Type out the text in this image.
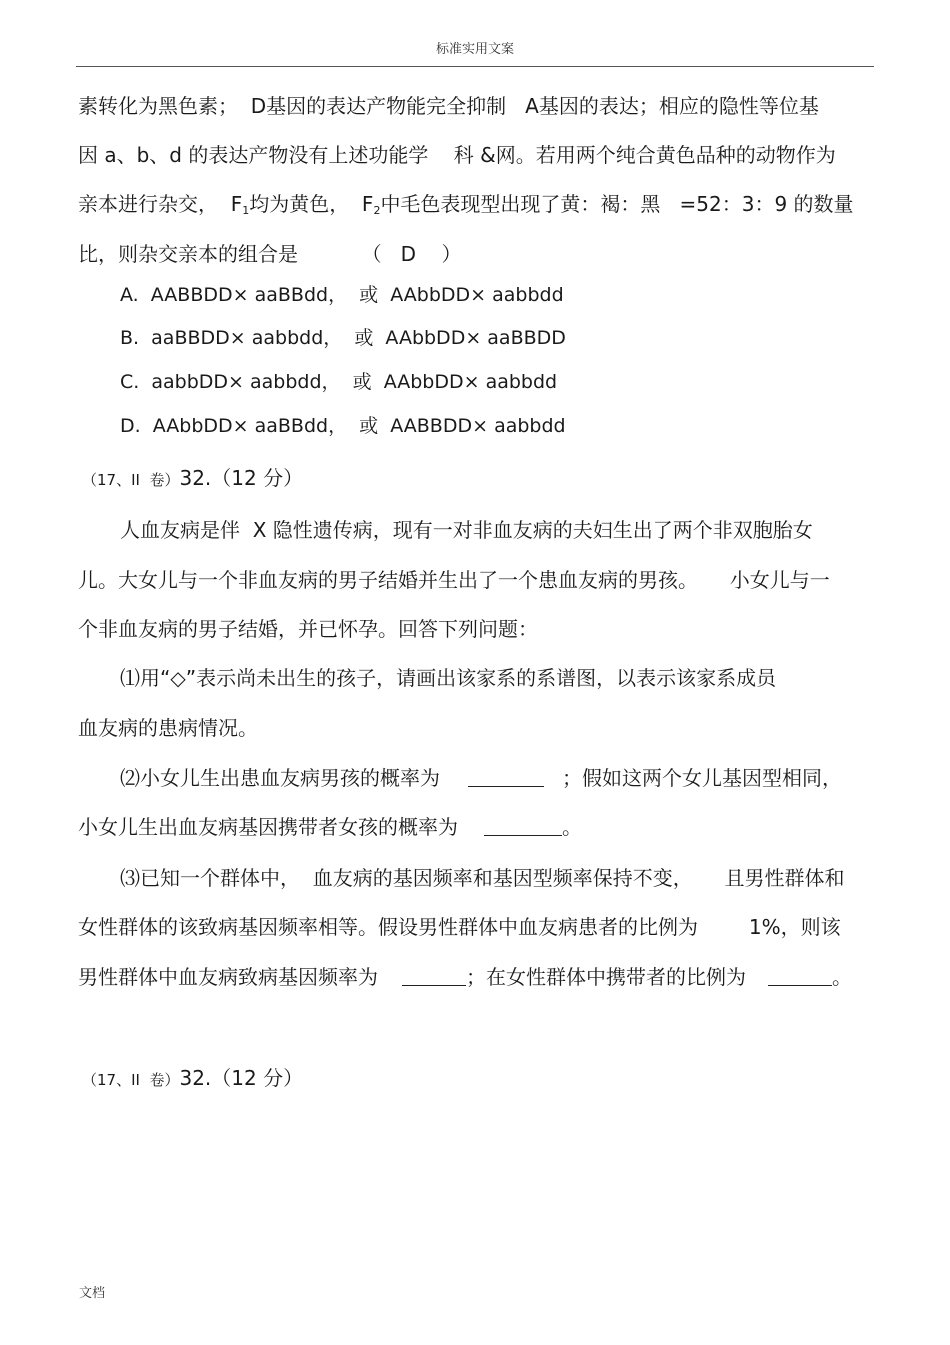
标准实用文案
素转化为黑色素；  D基因的表达产物能完全抑制   A基因的表达；相应的隐性等位基
因 a、b、d 的表达产物没有上述功能学    科 &网。若用两个纯合黄色品种的动物作为
亲本进行杂交，  $F_1$均为黄色，  $F_2$中毛色表现型出现了黄：褐：黑   =52：3：9 的数量
比，则杂交亲本的组合是          （   D    ）
A.  AABBDD× aaBBdd，  或  AAbbDD× aabbdd
B.  aaBBDD× aabbdd，  或  AAbbDD× aaBBDD
C.  aabbDD× aabbdd，  或  AAbbDD× aabbdd
D.  AAbbDD× aaBBdd，  或  AABBDD× aabbdd
（17、II  卷）32.（12 分）
人血友病是伴  X 隐性遗传病，现有一对非血友病的夫妇生出了两个非双胞胎女
儿。大女儿与一个非血友病的男子结婚并生出了一个患血友病的男孩。     小女儿与一
个非血友病的男子结婚，并已怀孕。回答下列问题：
⑴用“◇”表示尚未出生的孩子，请画出该家系的系谱图，以表示该家系成员
血友病的患病情况。
⑵小女儿生出患血友病男孩的概率为	；假如这两个女儿基因型相同，
小女儿生出血友病基因携带者女孩的概率为	。
⑶已知一个群体中，  血友病的基因频率和基因型频率保持不变，     且男性群体和
女性群体的该致病基因频率相等。假设男性群体中血友病患者的比例为        1%，则该
男性群体中血友病致病基因频率为	；在女性群体中携带者的比例为	。
（17、II  卷）32.（12 分）
文档
